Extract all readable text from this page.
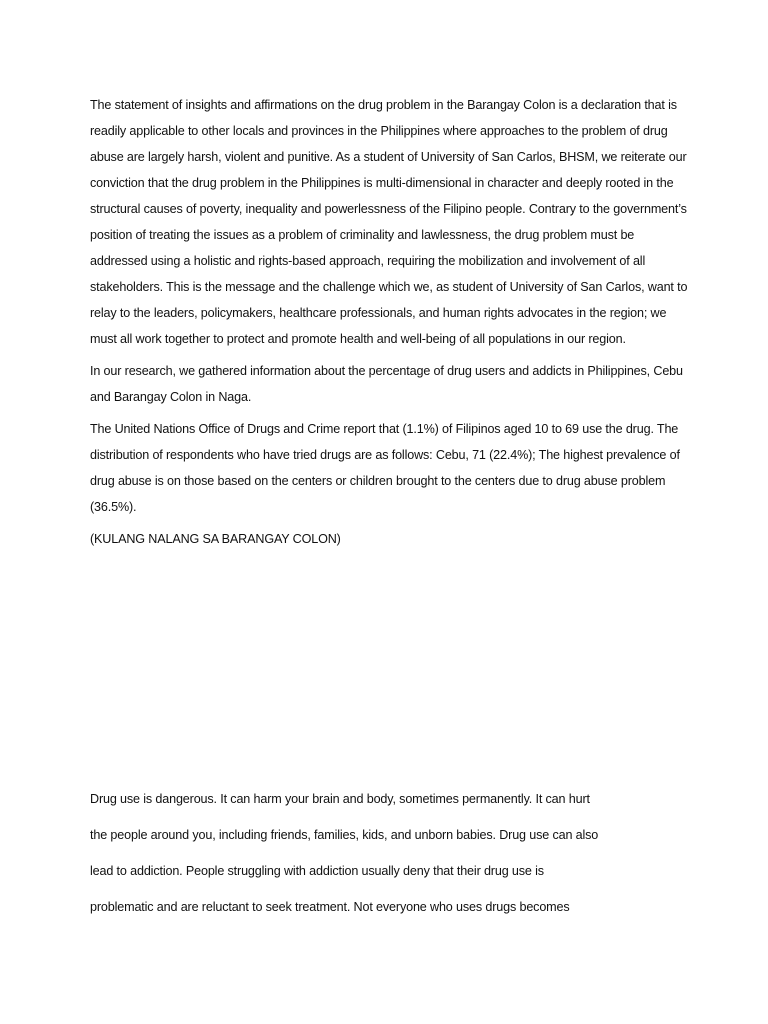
The statement of insights and affirmations on the drug problem in the Barangay Colon is a declaration that is readily applicable to other locals and provinces in the Philippines where approaches to the problem of drug abuse are largely harsh, violent and punitive. As a student of University of San Carlos, BHSM, we reiterate our conviction that the drug problem in the Philippines is multi-dimensional in character and deeply rooted in the structural causes of poverty, inequality and powerlessness of the Filipino people. Contrary to the government’s position of treating the issues as a problem of criminality and lawlessness, the drug problem must be addressed using a holistic and rights-based approach, requiring the mobilization and involvement of all stakeholders. This is the message and the challenge which we, as student of University of San Carlos, want to relay to the leaders, policymakers, healthcare professionals, and human rights advocates in the region; we must all work together to protect and promote health and well-being of all populations in our region.

In our research, we gathered information about the percentage of drug users and addicts in Philippines, Cebu and Barangay Colon in Naga.

The United Nations Office of Drugs and Crime report that (1.1%) of Filipinos aged 10 to 69 use the drug. The distribution of respondents who have tried drugs are as follows: Cebu, 71 (22.4%); The highest prevalence of drug abuse is on those based on the centers or children brought to the centers due to drug abuse problem (36.5%).

(KULANG NALANG SA BARANGAY COLON)

Drug use is dangerous. It can harm your brain and body, sometimes permanently. It can hurt
the people around you, including friends, families, kids, and unborn babies. Drug use can also
lead to addiction. People struggling with addiction usually deny that their drug use is
problematic and are reluctant to seek treatment. Not everyone who uses drugs becomes
